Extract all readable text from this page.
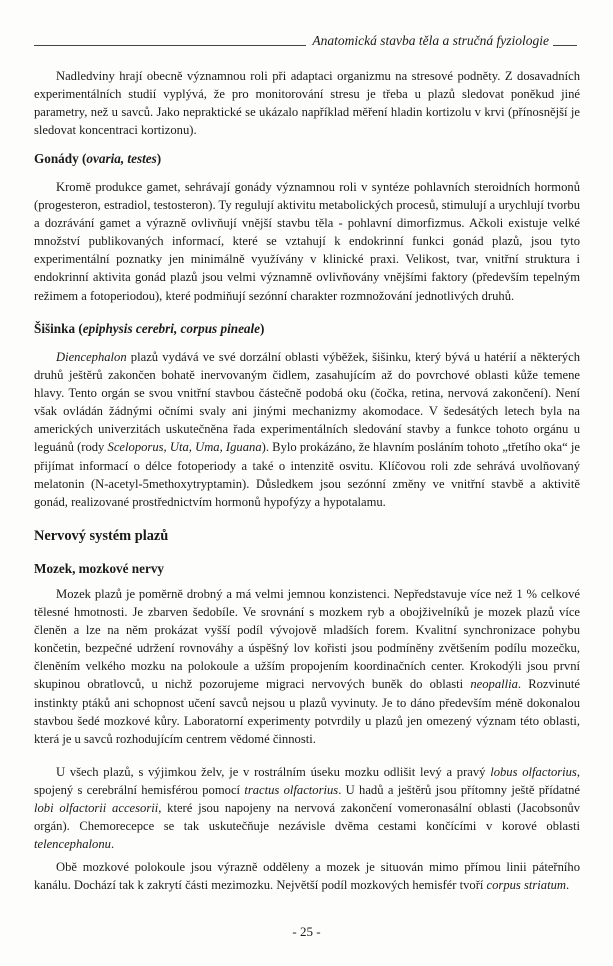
Anatomická stavba těla a stručná fyziologie

Nadledviny hrají obecně významnou roli při adaptaci organizmu na stresové podněty. Z dosavadních experimentálních studií vyplývá, že pro monitorování stresu je třeba u plazů sledovat poněkud jiné parametry, než u savců. Jako nepraktické se ukázalo například měření hladin kortizolu v krvi (přínosnější je sledovat koncentraci kortizonu).

Gonády (ovaria, testes)

Kromě produkce gamet, sehrávají gonády významnou roli v syntéze pohlavních steroidních hormonů (progesteron, estradiol, testosteron). Ty regulují aktivitu metabolických procesů, stimulují a urychlují tvorbu a dozrávání gamet a výrazně ovlivňují vnější stavbu těla - pohlavní dimorfizmus. Ačkoli existuje velké množství publikovaných informací, které se vztahují k endokrinní funkci gonád plazů, jsou tyto experimentální poznatky jen minimálně využívány v klinické praxi. Velikost, tvar, vnitřní struktura i endokrinní aktivita gonád plazů jsou velmi významně ovlivňovány vnějšími faktory (především tepelným režimem a fotoperiodou), které podmiňují sezónní charakter rozmnožování jednotlivých druhů.

Šišinka (epiphysis cerebri, corpus pineale)

Diencephalon plazů vydává ve své dorzální oblasti výběžek, šišinku, který bývá u hatérií a některých druhů ještěrů zakončen bohatě inervovaným čidlem, zasahujícím až do povrchové oblasti kůže temene hlavy. Tento orgán se svou vnitřní stavbou částečně podobá oku (čočka, retina, nervová zakončení). Není však ovládán žádnými očními svaly ani jinými mechanizmy akomodace. V šedesátých letech byla na amerických univerzitách uskutečněna řada experimentálních sledování stavby a funkce tohoto orgánu u leguánů (rody Sceloporus, Uta, Uma, Iguana). Bylo prokázáno, že hlavním posláním tohoto „třetího oka“ je přijímat informací o délce fotoperiody a také o intenzitě osvitu. Klíčovou roli zde sehrává uvolňovaný melatonin (N-acetyl-5methoxytryptamin). Důsledkem jsou sezónní změny ve vnitřní stavbě a aktivitě gonád, realizované prostřednictvím hormonů hypofýzy a hypotalamu.

Nervový systém plazů
Mozek, mozkové nervy

Mozek plazů je poměrně drobný a má velmi jemnou konzistenci. Nepředstavuje více než 1 % celkové tělesné hmotnosti. Je zbarven šedobíle. Ve srovnání s mozkem ryb a obojživelníků je mozek plazů více členěn a lze na něm prokázat vyšší podíl vývojově mladších forem. Kvalitní synchronizace pohybu končetin, bezpečné udržení rovnováhy a úspěšný lov kořisti jsou podmíněny zvětšením podílu mozečku, členěním velkého mozku na polokoule a užším propojením koordinačních center. Krokodýli jsou první skupinou obratlovců, u nichž pozorujeme migraci nervových buněk do oblasti neopallia. Rozvinuté instinkty ptáků ani schopnost učení savců nejsou u plazů vyvinuty. Je to dáno především méně dokonalou stavbou šedé mozkové kůry. Laboratorní experimenty potvrdily u plazů jen omezený význam této oblasti, která je u savců rozhodujícím centrem vědomé činnosti.

U všech plazů, s výjimkou želv, je v rostrálním úseku mozku odlišit levý a pravý lobus olfactorius, spojený s cerebrální hemisférou pomocí tractus olfactorius. U hadů a ještěrů jsou přítomny ještě přídatné lobi olfactorii accesorii, které jsou napojeny na nervová zakončení vomeronasální oblasti (Jacobsonův orgán). Chemorecepce se tak uskutečňuje nezávisle dvěma cestami končícími v korové oblasti telencephalonu.

Obě mozkové polokoule jsou výrazně odděleny a mozek je situován mimo přímou linii páteřního kanálu. Dochází tak k zakrytí části mezimozku. Největší podíl mozkových hemisfér tvoří corpus striatum.

- 25 -
